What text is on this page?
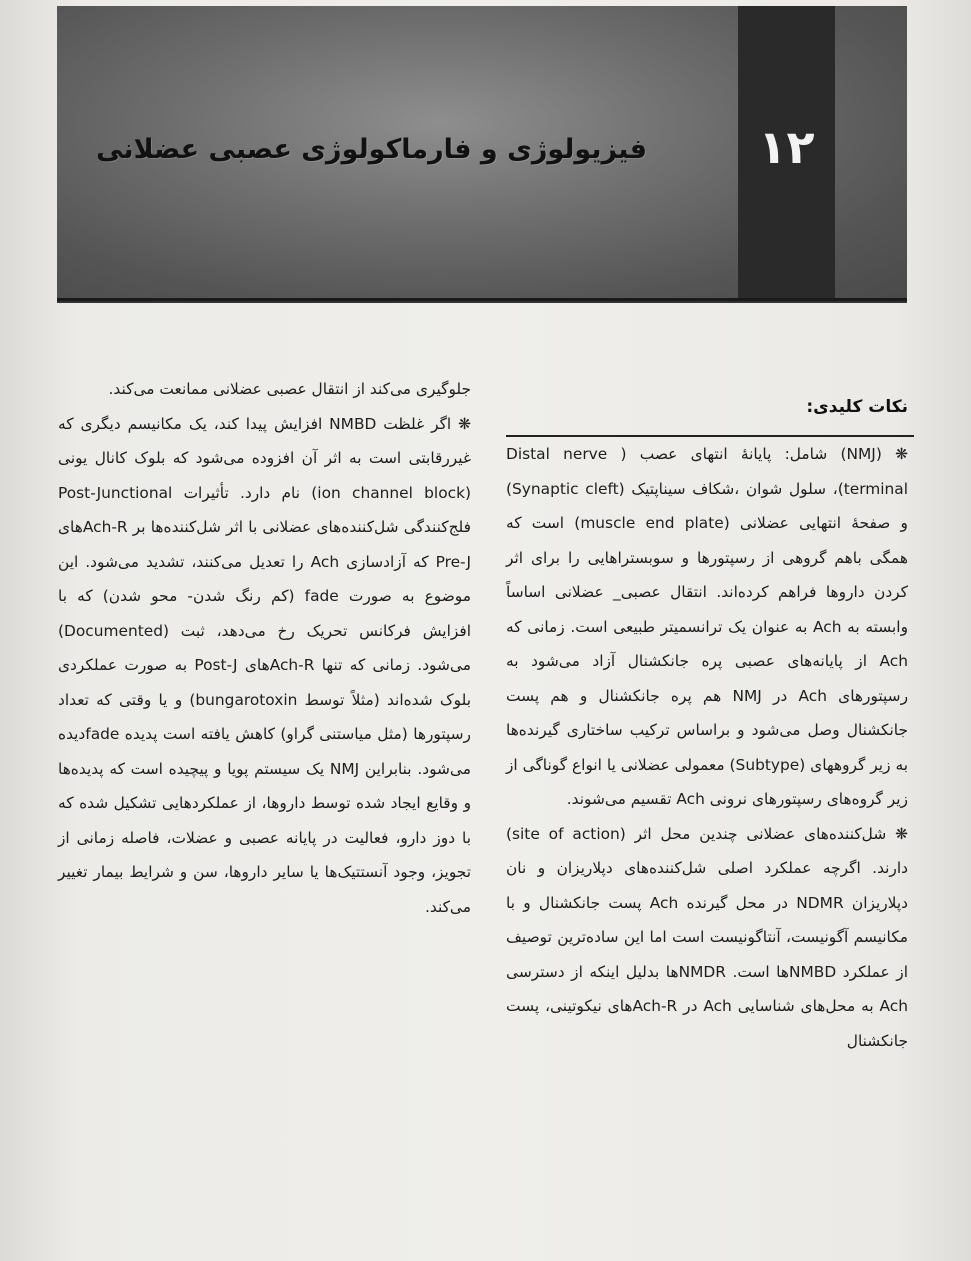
۱۲
فیزیولوژی و فارماکولوژی عصبی عضلانی
نکات کلیدی:

❋ (NMJ) شامل: پایانهٔ انتهای عصب ( Distal nerve terminal)، سلول شوان ،شکاف سیناپتیک (Synaptic cleft) و صفحهٔ انتهایی عضلانی (muscle end plate) است که همگی باهم گروهی از رسپتورها و سوبستراهایی را برای اثر کردن داروها فراهم کرده‌اند. انتقال عصبی_ عضلانی اساساً وابسته به Ach به عنوان یک ترانسمیتر طبیعی است. زمانی که Ach از پایانه‌های عصبی پره جانکشنال آزاد می‌شود به رسپتورهای Ach در NMJ هم پره جانکشنال و هم پست جانکشنال وصل می‌شود و براساس ترکیب ساختاری گیرنده‌ها به زیر گروههای (Subtype) معمولی عضلانی یا انواع گوناگی از زیر گروه‌های رسپتورهای نرونی Ach تقسیم می‌شوند.

❋ شل‌کننده‌های عضلانی چندین محل اثر (site of action) دارند. اگرچه عملکرد اصلی شل‌کننده‌های دپلاریزان و نان دپلاریزان NDMR در محل گیرنده Ach پست جانکشنال و با مکانیسم آگونیست، آنتاگونیست است اما این ساده‌ترین توصیف از عملکرد NMBDها است. NMDRها بدلیل اینکه از دسترسی Ach به محل‌های شناسایی Ach در Ach-Rهای نیکوتینی، پست جانکشنال

جلوگیری می‌کند از انتقال عصبی عضلانی ممانعت می‌کند.

❋ اگر غلظت NMBD افزایش پیدا کند، یک مکانیسم دیگری که غیررقابتی است به اثر آن افزوده می‌شود که بلوک کانال یونی (ion channel block) نام دارد. تأثیرات Post-Junctional فلج‌کنندگی شل‌کننده‌های عضلانی با اثر شل‌کننده‌ها بر Ach-Rهای Pre-J که آزادسازی Ach را تعدیل می‌کنند، تشدید می‌شود. این موضوع به صورت fade (کم رنگ شدن- محو شدن) که با افزایش فرکانس تحریک رخ می‌دهد، ثبت (Documented) می‌شود. زمانی که تنها Ach-Rهای Post-J به صورت عملکردی بلوک شده‌اند (مثلاً توسط bungarotoxin) و یا وقتی که تعداد رسپتورها (مثل میاستنی گراو) کاهش یافته است پدیده fadeدیده می‌شود. بنابراین NMJ یک سیستم پویا و پیچیده است که پدیده‌ها و وقایع ایجاد شده توسط داروها، از عملکردهایی تشکیل شده که با دوز دارو، فعالیت در پایانه عصبی و عضلات، فاصله زمانی از تجویز، وجود آنستتیک‌ها یا سایر داروها، سن و شرایط بیمار تغییر می‌کند.
